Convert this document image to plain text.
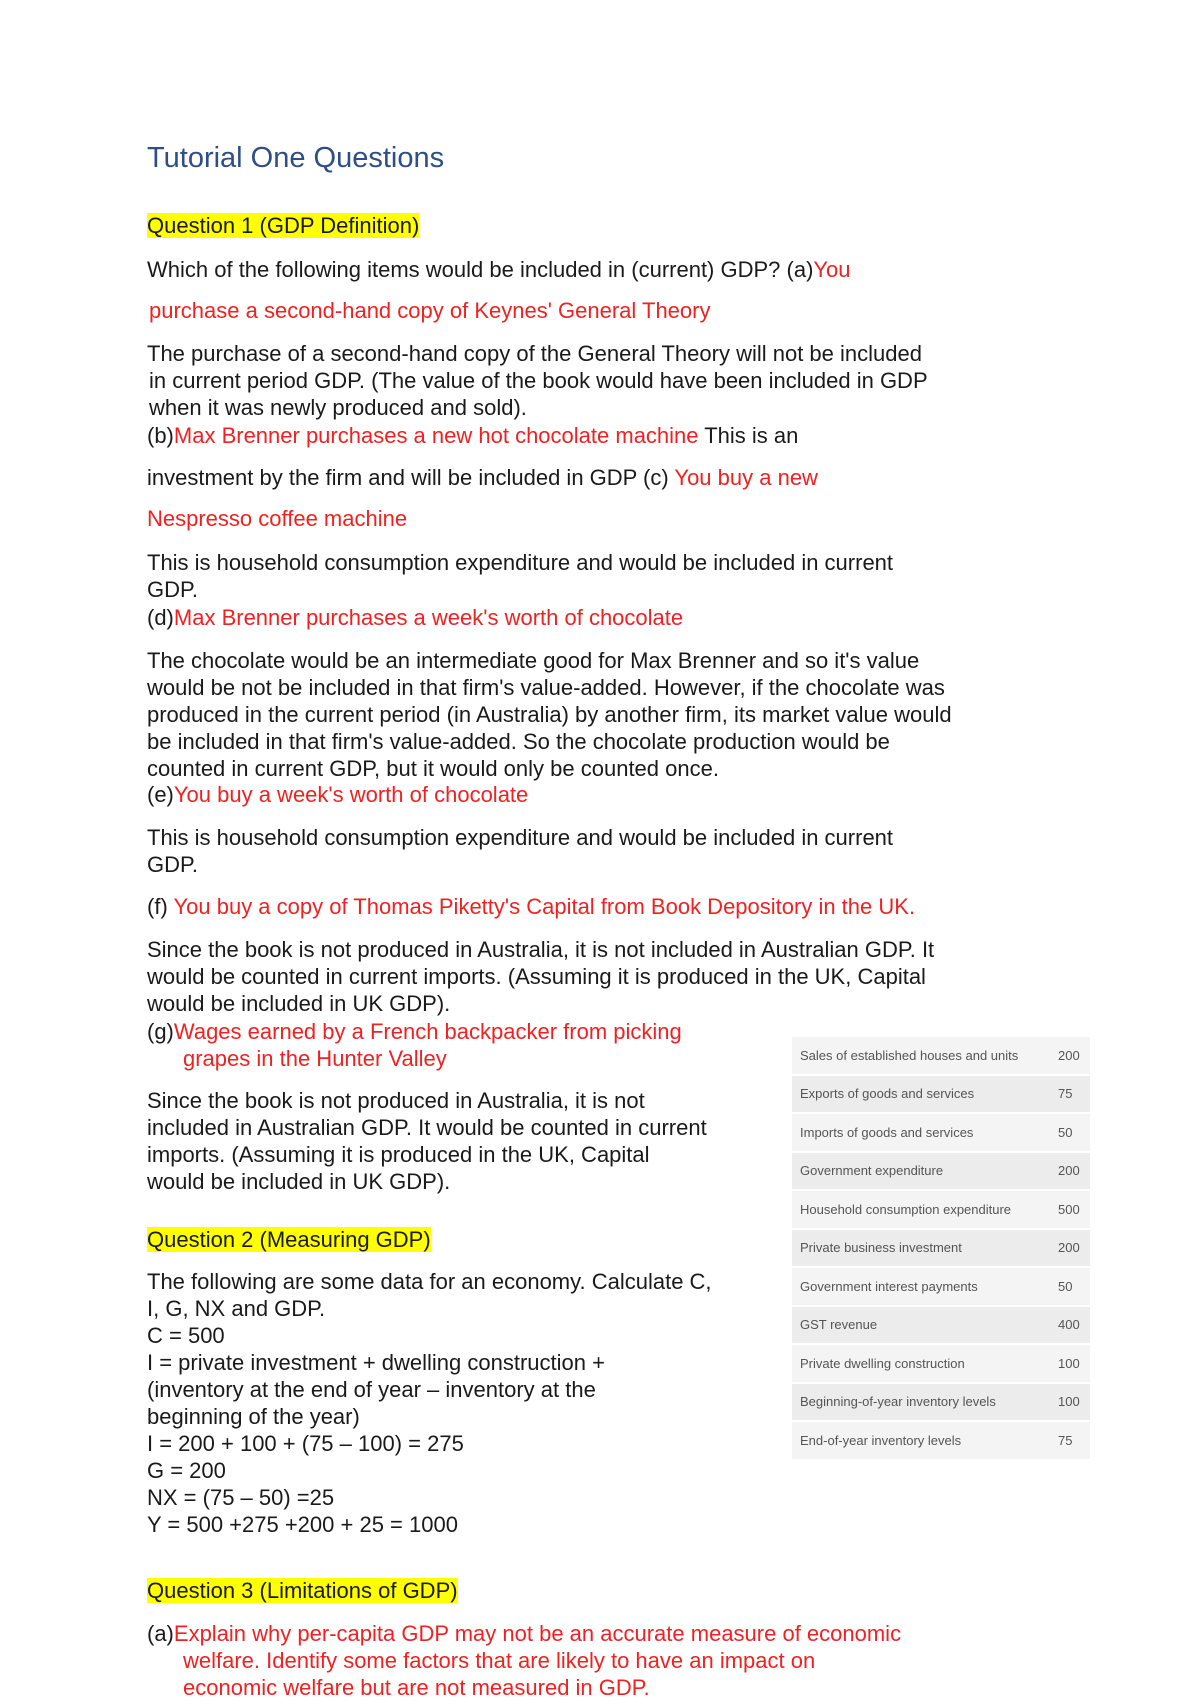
Tutorial One Questions
Question 1 (GDP Definition)
Which of the following items would be included in (current) GDP? (a)You
purchase a second-hand copy of Keynes' General Theory
The purchase of a second-hand copy of the General Theory will not be included
in current period GDP. (The value of the book would have been included in GDP
when it was newly produced and sold).
(b)Max Brenner purchases a new hot chocolate machine This is an
investment by the firm and will be included in GDP (c) You buy a new
Nespresso coffee machine
This is household consumption expenditure and would be included in current
GDP.
(d)Max Brenner purchases a week's worth of chocolate
The chocolate would be an intermediate good for Max Brenner and so it's value
would be not be included in that firm's value-added. However, if the chocolate was
produced in the current period (in Australia) by another firm, its market value would
be included in that firm's value-added. So the chocolate production would be
counted in current GDP, but it would only be counted once.
(e)You buy a week's worth of chocolate
This is household consumption expenditure and would be included in current
GDP.
(f) You buy a copy of Thomas Piketty's Capital from Book Depository in the UK.
Since the book is not produced in Australia, it is not included in Australian GDP. It
would be counted in current imports. (Assuming it is produced in the UK, Capital
would be included in UK GDP).
(g)Wages earned by a French backpacker from picking
grapes in the Hunter Valley
Since the book is not produced in Australia, it is not
included in Australian GDP. It would be counted in current
imports. (Assuming it is produced in the UK, Capital
would be included in UK GDP).
Question 2 (Measuring GDP)
The following are some data for an economy. Calculate C,
I, G, NX and GDP.
C = 500
I = private investment + dwelling construction +
(inventory at the end of year – inventory at the
beginning of the year)
I = 200 + 100 + (75 – 100) = 275
G = 200
NX = (75 – 50) =25
Y = 500 +275 +200 + 25 = 1000
Sales of established houses and units	200
Exports of goods and services	75
Imports of goods and services	50
Government expenditure	200
Household consumption expenditure	500
Private business investment	200
Government interest payments	50
GST revenue	400
Private dwelling construction	100
Beginning-of-year inventory levels	100
End-of-year inventory levels	75
Question 3 (Limitations of GDP)
(a)Explain why per-capita GDP may not be an accurate measure of economic
welfare. Identify some factors that are likely to have an impact on
economic welfare but are not measured in GDP.
